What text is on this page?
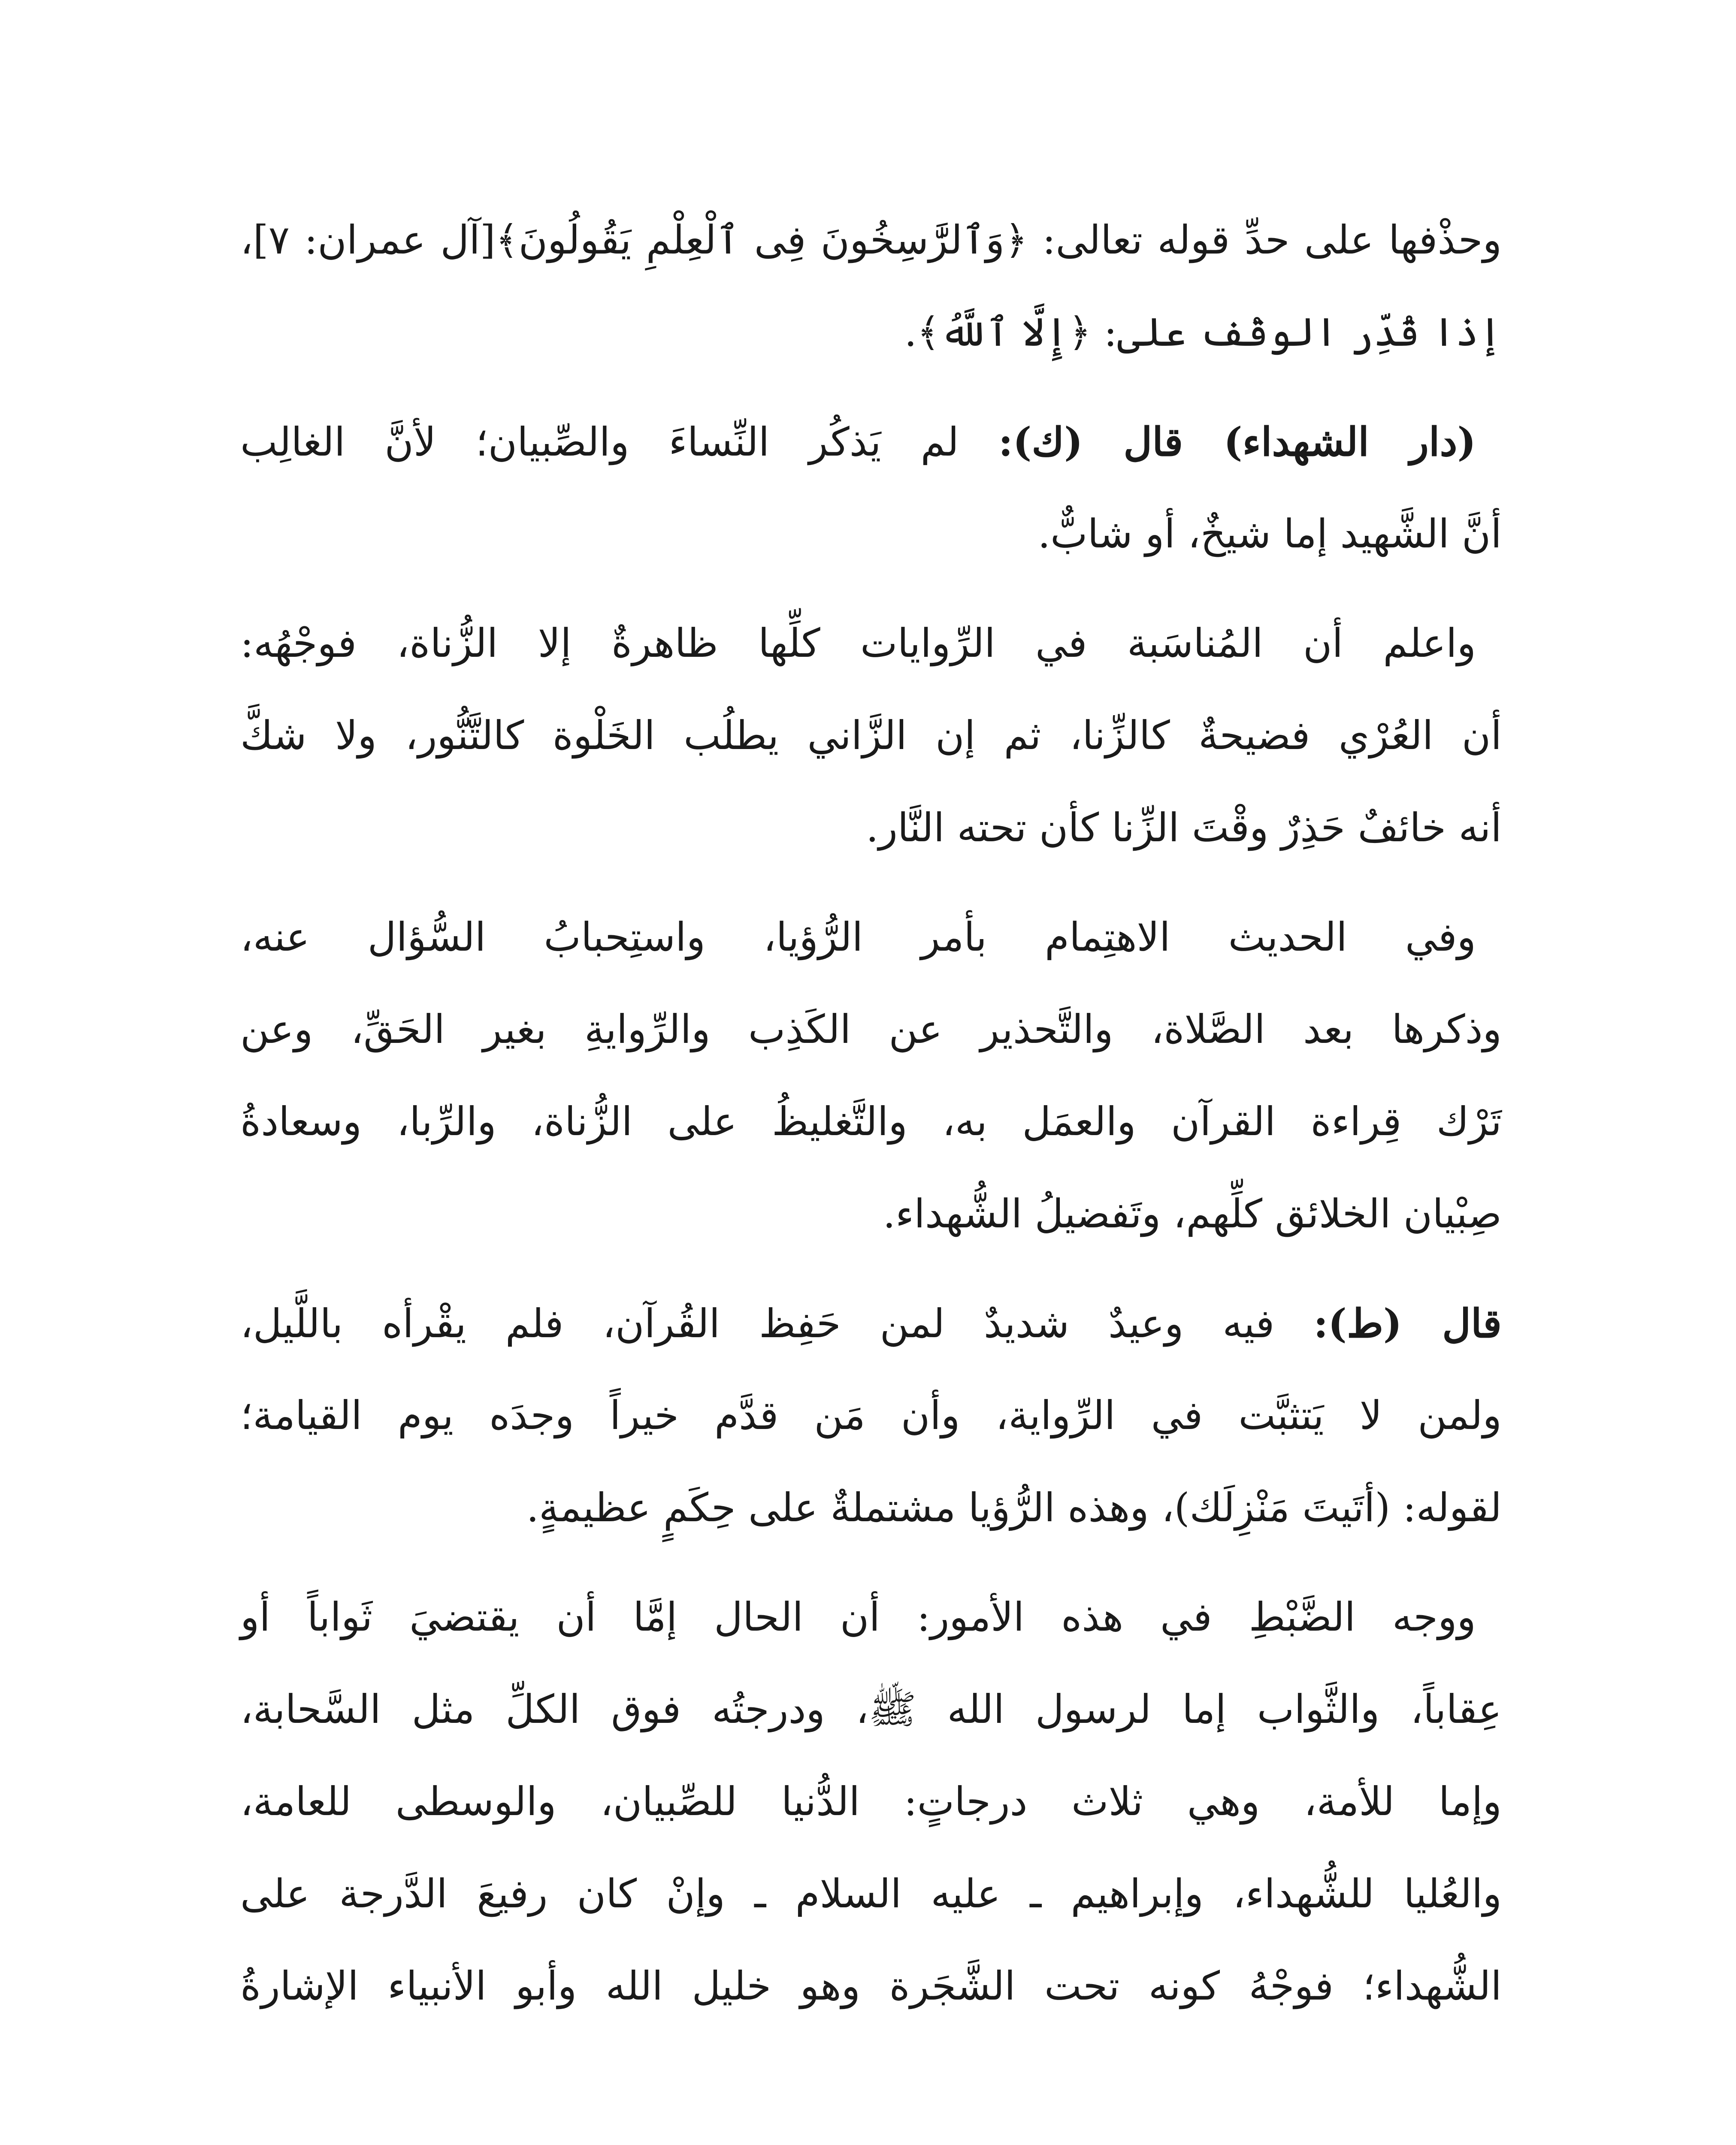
وحذْفها على حدِّ قوله تعالى: ﴿وَٱلرَّٰسِخُونَ فِى ٱلْعِلْمِ يَقُولُونَ﴾[آل عمران: ٧]،
إذا قُدِّر الوقْف على: ﴿إِلَّا ٱللَّهُ﴾.
(دار الشهداء) قال (ك): لم يَذكُر النِّساءَ والصِّبيان؛ لأنَّ الغالِب
أنَّ الشَّهيد إما شيخٌ، أو شابٌّ.
واعلم أن المُناسَبة في الرِّوايات كلِّها ظاهرةٌ إلا الزُّناة، فوجْهُه:
أن العُرْي فضيحةٌ كالزِّنا، ثم إن الزَّاني يطلُب الخَلْوة كالتَّنُّور، ولا شكَّ
أنه خائفٌ حَذِرٌ وقْتَ الزِّنا كأن تحته النَّار.
وفي الحديث الاهتِمام بأمر الرُّؤيا، واستِحبابُ السُّؤال عنه،
وذكرها بعد الصَّلاة، والتَّحذير عن الكَذِب والرِّوايةِ بغير الحَقِّ، وعن
تَرْك قِراءة القرآن والعمَل به، والتَّغليظُ على الزُّناة، والرِّبا، وسعادةُ
صِبْيان الخلائق كلِّهم، وتَفضيلُ الشُّهداء.
قال (ط): فيه وعيدٌ شديدٌ لمن حَفِظ القُرآن، فلم يقْرأه باللَّيل،
ولمن لا يَتثبَّت في الرِّواية، وأن مَن قدَّم خيراً وجدَه يوم القيامة؛
لقوله: (أتَيتَ مَنْزِلَك)، وهذه الرُّؤيا مشتملةٌ على حِكَمٍ عظيمةٍ.
ووجه الضَّبْطِ في هذه الأمور: أن الحال إمَّا أن يقتضيَ ثَواباً أو
عِقاباً، والثَّواب إما لرسول الله ﷺ، ودرجتُه فوق الكلِّ مثل السَّحابة،
وإما للأمة، وهي ثلاث درجاتٍ: الدُّنيا للصِّبيان، والوسطى للعامة،
والعُليا للشُّهداء، وإبراهيم ـ عليه السلام ـ وإنْ كان رفيعَ الدَّرجة على
الشُّهداء؛ فوجْهُ كونه تحت الشَّجَرة وهو خليل الله وأبو الأنبياء الإشارةُ
